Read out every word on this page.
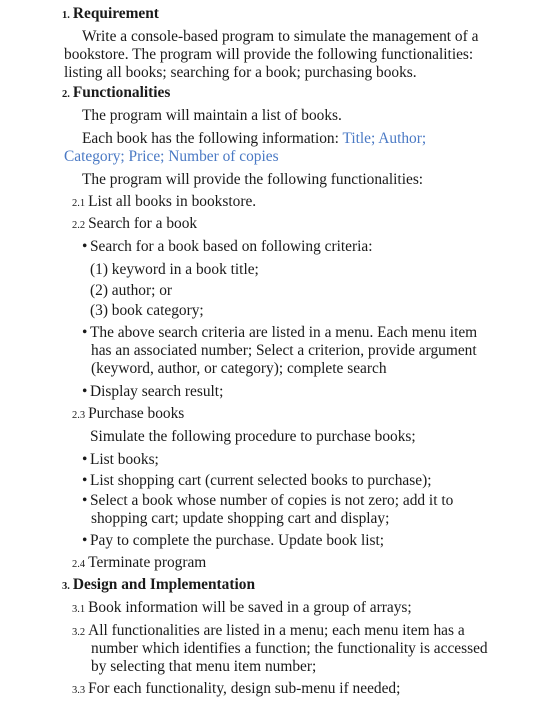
1. Requirement
Write a console-based program to simulate the management of a
bookstore. The program will provide the following functionalities:
listing all books; searching for a book; purchasing books.
2. Functionalities
The program will maintain a list of books.
Each book has the following information: Title; Author;
Category; Price; Number of copies
The program will provide the following functionalities:
2.1 List all books in bookstore.
2.2 Search for a book
• Search for a book based on following criteria:
(1) keyword in a book title;
(2) author; or
(3) book category;
• The above search criteria are listed in a menu. Each menu item
has an associated number; Select a criterion, provide argument
(keyword, author, or category); complete search
• Display search result;
2.3 Purchase books
Simulate the following procedure to purchase books;
• List books;
• List shopping cart (current selected books to purchase);
• Select a book whose number of copies is not zero; add it to
shopping cart; update shopping cart and display;
• Pay to complete the purchase. Update book list;
2.4 Terminate program
3. Design and Implementation
3.1 Book information will be saved in a group of arrays;
3.2 All functionalities are listed in a menu; each menu item has a
number which identifies a function; the functionality is accessed
by selecting that menu item number;
3.3 For each functionality, design sub-menu if needed;
